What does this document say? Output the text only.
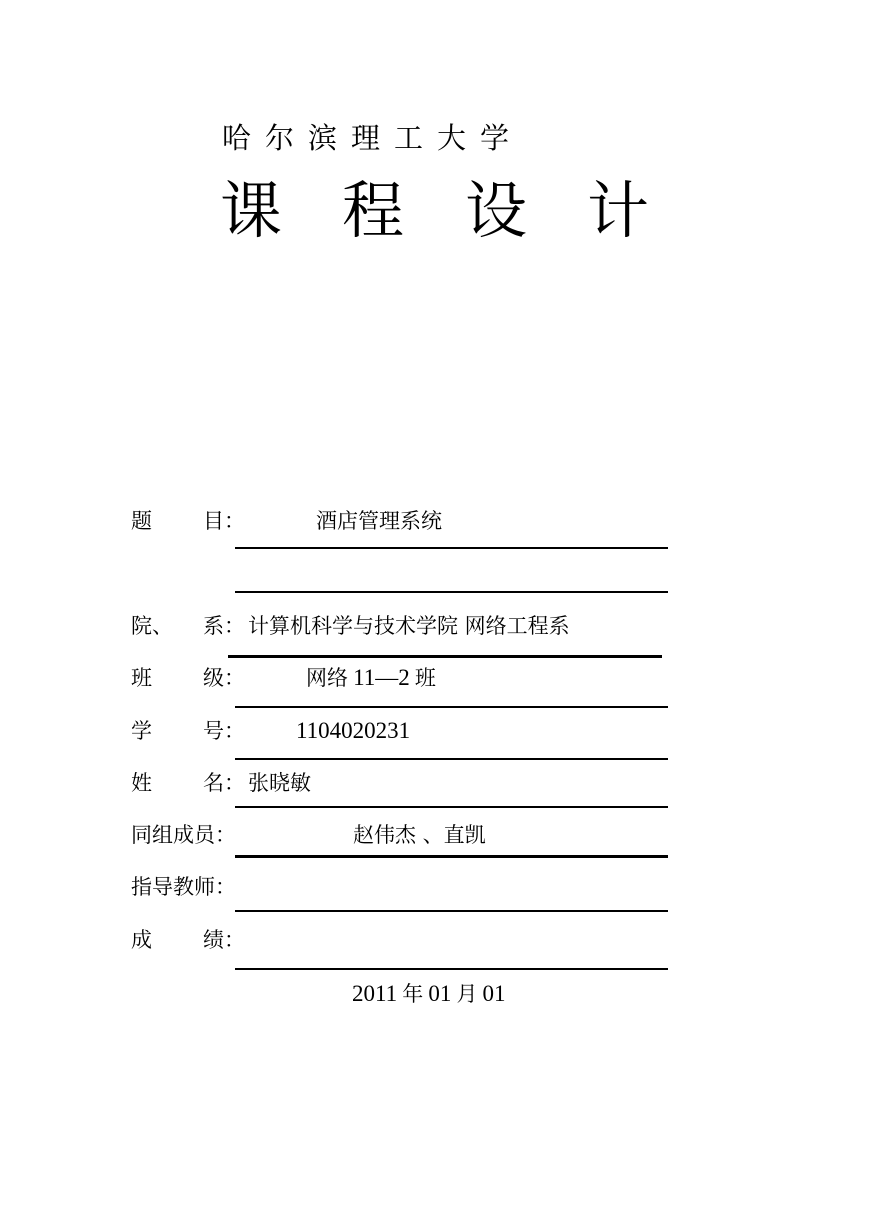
哈尔滨理工大学
课 程 设 计
题 目：	酒店管理系统
院、 系： 计算机科学与技术学院 网络工程系
班 级：	网络 11—2 班
学 号： 1104020231
姓 名： 张晓敏
同组成员：	赵伟杰 、直凯
指导教师：
成 绩：
2011 年 01 月 01
